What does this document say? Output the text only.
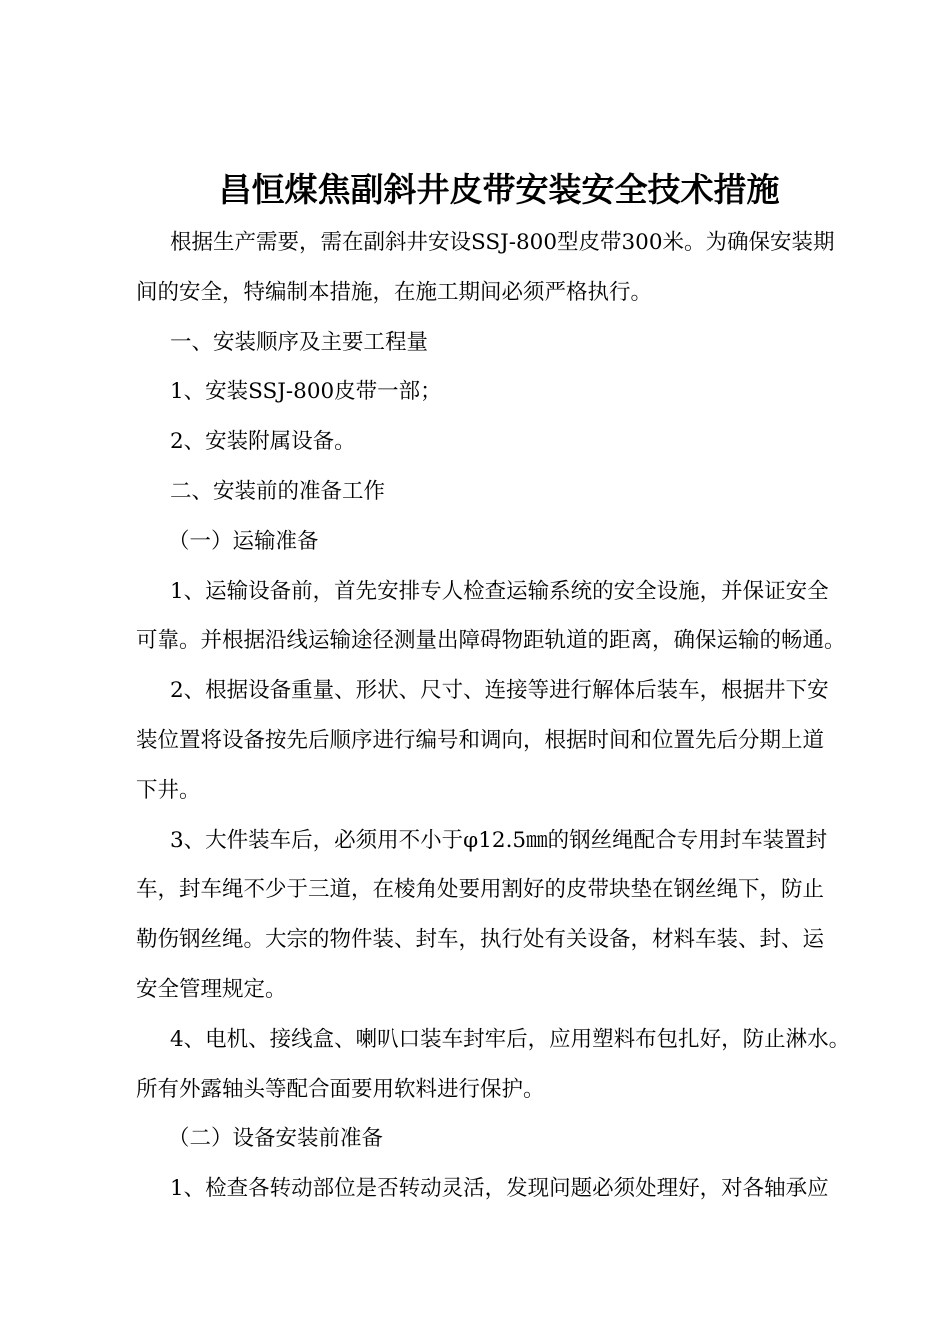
昌恒煤焦副斜井皮带安装安全技术措施
根据生产需要，需在副斜井安设SSJ-800型皮带300米。为确保安装期
间的安全，特编制本措施，在施工期间必须严格执行。
一、安装顺序及主要工程量
1、安装SSJ-800皮带一部；
2、安装附属设备。
二、安装前的准备工作
（一）运输准备
1、运输设备前，首先安排专人检查运输系统的安全设施，并保证安全
可靠。并根据沿线运输途径测量出障碍物距轨道的距离，确保运输的畅通。
2、根据设备重量、形状、尺寸、连接等进行解体后装车，根据井下安
装位置将设备按先后顺序进行编号和调向，根据时间和位置先后分期上道
下井。
3、大件装车后，必须用不小于φ12.5㎜的钢丝绳配合专用封车装置封
车，封车绳不少于三道，在棱角处要用割好的皮带块垫在钢丝绳下，防止
勒伤钢丝绳。大宗的物件装、封车，执行处有关设备，材料车装、封、运
安全管理规定。
4、电机、接线盒、喇叭口装车封牢后，应用塑料布包扎好，防止淋水。
所有外露轴头等配合面要用软料进行保护。
（二）设备安装前准备
1、检查各转动部位是否转动灵活，发现问题必须处理好，对各轴承应
